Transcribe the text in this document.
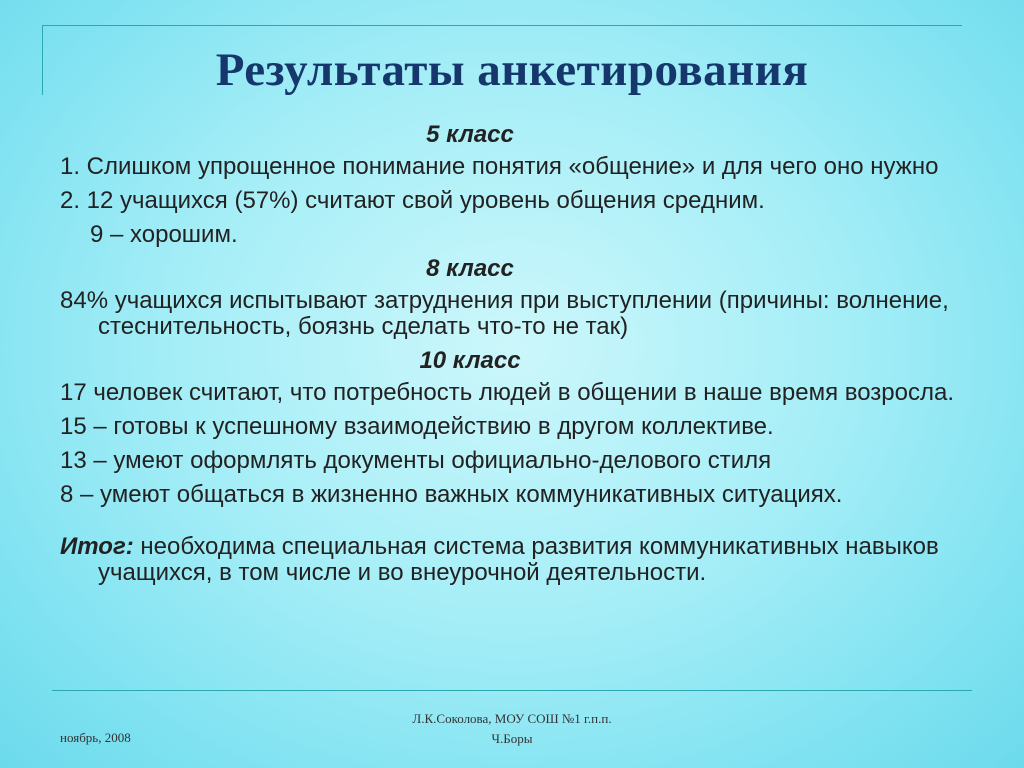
Результаты анкетирования
5 класс
1. Слишком упрощенное понимание понятия «общение» и для чего оно нужно
2. 12 учащихся (57%) считают свой уровень общения средним.
9 – хорошим.
8 класс
84% учащихся испытывают затруднения при выступлении (причины: волнение, стеснительность, боязнь сделать что-то не так)
10 класс
17 человек считают, что потребность людей в общении в наше время возросла.
15 – готовы к успешному взаимодействию в другом коллективе.
13 – умеют оформлять документы официально-делового стиля
8 – умеют общаться в жизненно важных коммуникативных ситуациях.
Итог: необходима специальная система развития коммуникативных навыков учащихся, в том числе и во внеурочной деятельности.
ноябрь, 2008
Л.К.Соколова, МОУ СОШ №1 г.п.п.
Ч.Боры
